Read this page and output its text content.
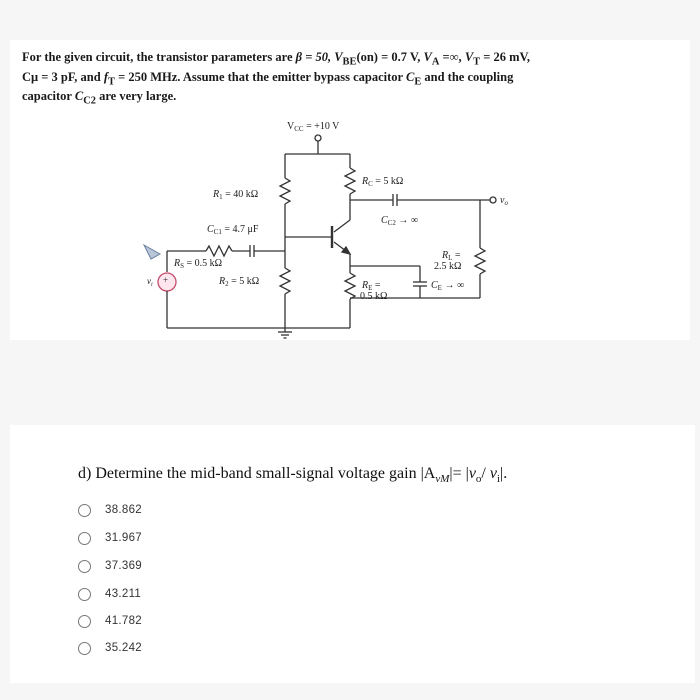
For the given circuit, the transistor parameters are β = 50, $V_{BE}(on) = 0.7$ V, $V_A$ =∞, $V_T = 26$ mV,
Cμ = 3 pF, and $f_T = 250$ MHz. Assume that the emitter bypass capacitor $C_E$ and the coupling
capacitor $C_{C2}$ are very large.
$V_{CC} = +10$ V
$R_1 = 40$ kΩ
$R_C = 5$ kΩ
$C_{C2}$ → ∞
$v_o$
$C_{C1} = 4.7$ μF
$R_S = 0.5$ kΩ
$R_2 = 5$ kΩ	$R_E$ =
0.5 kΩ
$R_L$ =
2.5 kΩ
$C_E$ → ∞
$v_i$ +
d) Determine the mid-band small-signal voltage gain $|A_{vM}|= |v_o/$ $v_i|$.
38.862
31.967
37.369
43.211
41.782
35.242
